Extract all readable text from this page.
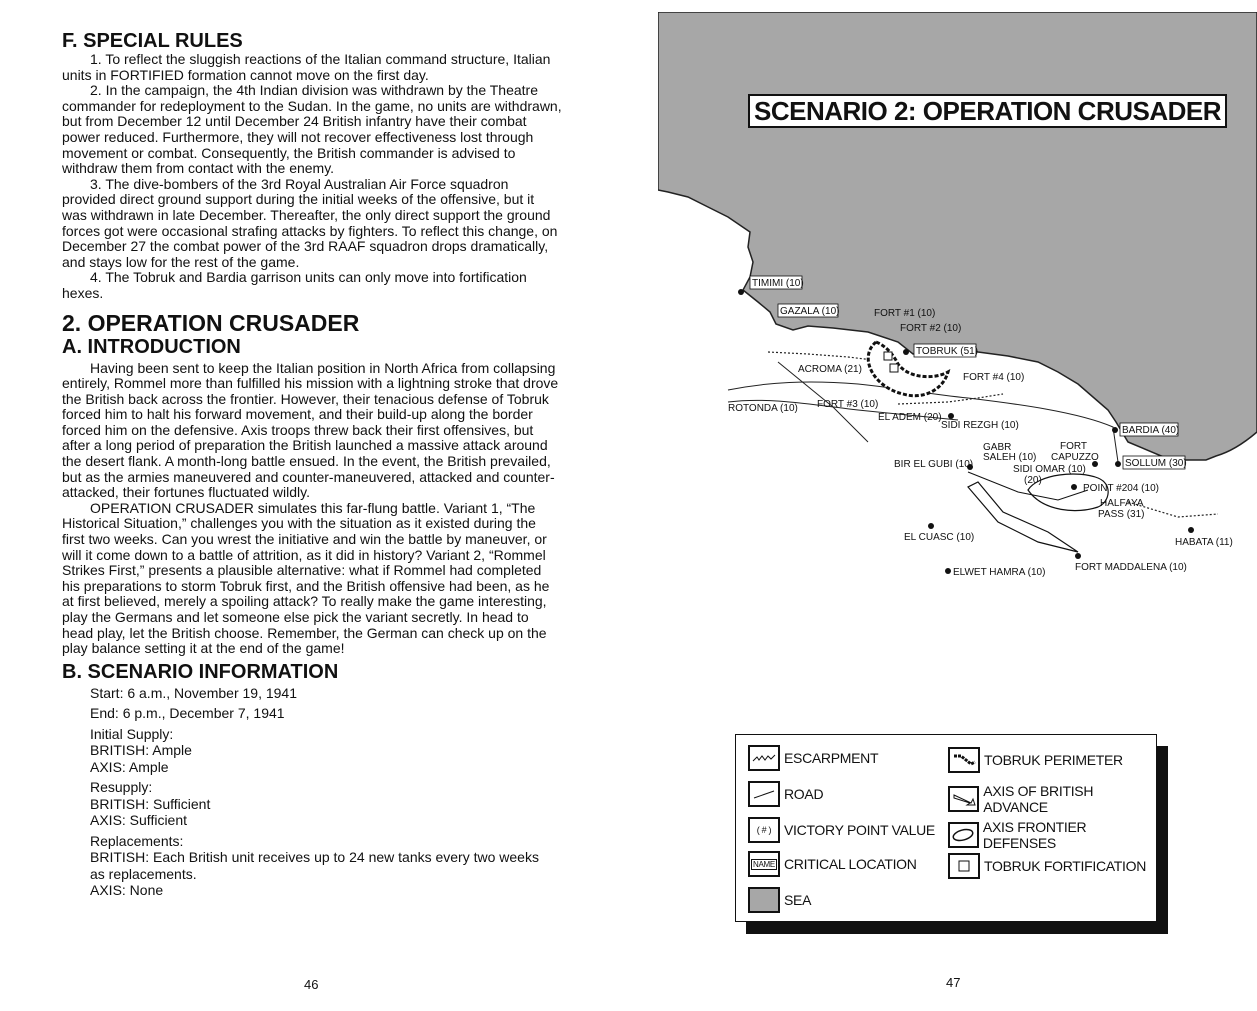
F. SPECIAL RULES

1. To reflect the sluggish reactions of the Italian command structure, Italian units in FORTIFIED formation cannot move on the first day.

2. In the campaign, the 4th Indian division was withdrawn by the Theatre commander for redeployment to the Sudan. In the game, no units are withdrawn, but from December 12 until December 24 British infantry have their combat power reduced. Furthermore, they will not recover effectiveness lost through movement or combat. Consequently, the British commander is advised to withdraw them from contact with the enemy.

3. The dive-bombers of the 3rd Royal Australian Air Force squadron provided direct ground support during the initial weeks of the offensive, but it was withdrawn in late December. Thereafter, the only direct support the ground forces got were occasional strafing attacks by fighters. To reflect this change, on December 27 the combat power of the 3rd RAAF squadron drops dramatically, and stays low for the rest of the game.

4. The Tobruk and Bardia garrison units can only move into fortification hexes.

2. OPERATION CRUSADER
A. INTRODUCTION

Having been sent to keep the Italian position in North Africa from collapsing entirely, Rommel more than fulfilled his mission with a lightning stroke that drove the British back across the frontier. However, their tenacious defense of Tobruk forced him to halt his forward movement, and their build-up along the border forced him on the defensive. Axis troops threw back their first offensives, but after a long period of preparation the British launched a massive attack around the desert flank. A month-long battle ensued. In the event, the British prevailed, but as the armies maneuvered and counter-maneuvered, attacked and counter-attacked, their fortunes fluctuated wildly.

OPERATION CRUSADER simulates this far-flung battle. Variant 1, “The Historical Situation,” challenges you with the situation as it existed during the first two weeks. Can you wrest the initiative and win the battle by maneuver, or will it come down to a battle of attrition, as it did in history? Variant 2, “Rommel Strikes First,” presents a plausible alternative: what if Rommel had completed his preparations to storm Tobruk first, and the British offensive had been, as he at first believed, merely a spoiling attack? To really make the game interesting, play the Germans and let someone else pick the variant secretly. In head to head play, let the British choose. Remember, the German can check up on the play balance setting it at the end of the game!

B. SCENARIO INFORMATION
Start: 6 a.m., November 19, 1941
End: 6 p.m., December 7, 1941
Initial Supply:
BRITISH: Ample
AXIS: Ample
Resupply:
BRITISH: Sufficient
AXIS: Sufficient
Replacements:
BRITISH: Each British unit receives up to 24 new tanks every two weeks as replacements.
AXIS: None
46
TIMIMI (10)
GAZALA (10)	FORT #1 (10)
FORT #2 (10)
TOBRUK (51)
ACROMA (21)
FORT #4 (10)
ROTONDA (10) FORT #3 (10)
EL ADEM (20)
SIDI REZGH (10)	BARDIA (40)
GABR
SALEH (10)
FORT
CAPUZZO
SOLLUM (30)
BIR EL GUBI (10)	SIDI OMAR (10)
(20)
POINT #204 (10)
HALFAYA
PASS (31)
EL CUASC (10)	HABATA (11)
ELWET HAMRA (10)	FORT MADDALENA (10)
SCENARIO 2: OPERATION CRUSADER
ESCARPMENT
ROAD
( # ) VICTORY POINT VALUE
NAME CRITICAL LOCATION
SEA
TOBRUK PERIMETER
AXIS OF BRITISH ADVANCE
AXIS FRONTIER DEFENSES
TOBRUK FORTIFICATION
47
